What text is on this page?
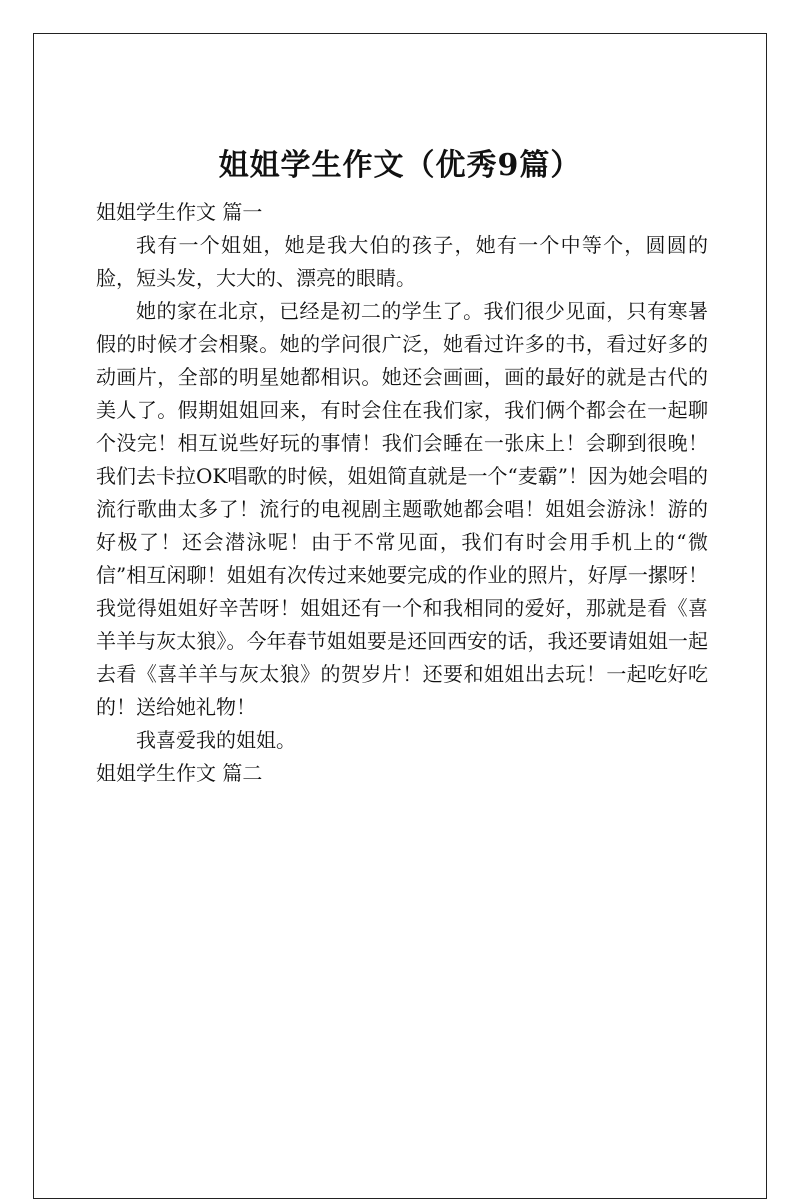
姐姐学生作文（优秀9篇）
姐姐学生作文 篇一

我有一个姐姐，她是我大伯的孩子，她有一个中等个，圆圆的脸，短头发，大大的、漂亮的眼睛。

她的家在北京，已经是初二的学生了。我们很少见面，只有寒暑假的时候才会相聚。她的学问很广泛，她看过许多的书，看过好多的动画片，全部的明星她都相识。她还会画画，画的最好的就是古代的美人了。假期姐姐回来，有时会住在我们家，我们俩个都会在一起聊个没完！相互说些好玩的事情！我们会睡在一张床上！会聊到很晚！我们去卡拉OK唱歌的时候，姐姐简直就是一个“麦霸”！因为她会唱的流行歌曲太多了！流行的电视剧主题歌她都会唱！姐姐会游泳！游的好极了！还会潜泳呢！由于不常见面，我们有时会用手机上的“微信”相互闲聊！姐姐有次传过来她要完成的作业的照片，好厚一摞呀！我觉得姐姐好辛苦呀！姐姐还有一个和我相同的爱好，那就是看《喜羊羊与灰太狼》。今年春节姐姐要是还回西安的话，我还要请姐姐一起去看《喜羊羊与灰太狼》的贺岁片！还要和姐姐出去玩！一起吃好吃的！送给她礼物！

我喜爱我的姐姐。

姐姐学生作文 篇二
